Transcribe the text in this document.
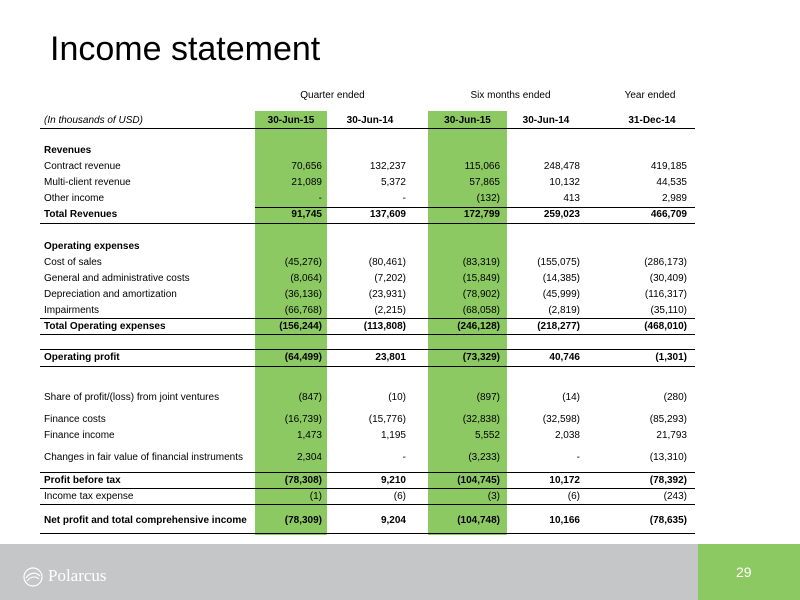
Income statement
Quarter ended	Six months ended	Year ended
(In thousands of USD)	30-Jun-15	30-Jun-14	30-Jun-15	30-Jun-14	31-Dec-14
Revenues
Contract revenue	70,656	132,237	115,066	248,478	419,185
Multi-client revenue	21,089	5,372	57,865	10,132	44,535
Other income	-	-	(132)	413	2,989
Total Revenues	91,745	137,609	172,799	259,023	466,709
Operating expenses
Cost of sales	(45,276)	(80,461)	(83,319)	(155,075)	(286,173)
General and administrative costs	(8,064)	(7,202)	(15,849)	(14,385)	(30,409)
Depreciation and amortization	(36,136)	(23,931)	(78,902)	(45,999)	(116,317)
Impairments	(66,768)	(2,215)	(68,058)	(2,819)	(35,110)
Total Operating expenses	(156,244)	(113,808)	(246,128)	(218,277)	(468,010)
Operating profit	(64,499)	23,801	(73,329)	40,746	(1,301)
Share of profit/(loss) from joint ventures	(847)	(10)	(897)	(14)	(280)
Finance costs	(16,739)	(15,776)	(32,838)	(32,598)	(85,293)
Finance income	1,473	1,195	5,552	2,038	21,793
Changes in fair value of financial instruments	2,304	-	(3,233)	-	(13,310)
Profit before tax	(78,308)	9,210	(104,745)	10,172	(78,392)
Income tax expense	(1)	(6)	(3)	(6)	(243)
Net profit and total comprehensive income	(78,309)	9,204	(104,748)	10,166	(78,635)
Polarcus	29
